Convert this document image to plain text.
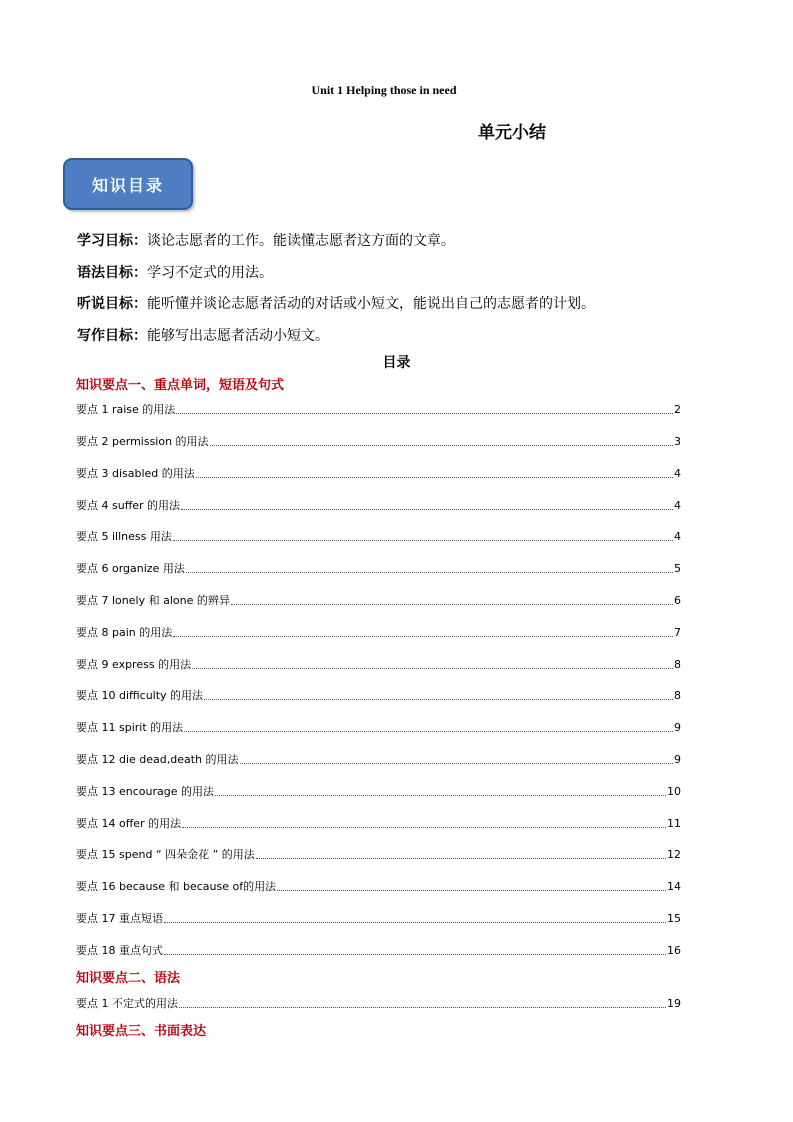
Unit 1 Helping those in need
单元小结
知识目录
学习目标：谈论志愿者的工作。能读懂志愿者这方面的文章。
语法目标：学习不定式的用法。
听说目标：能听懂并谈论志愿者活动的对话或小短文，能说出自己的志愿者的计划。
写作目标：能够写出志愿者活动小短文。
目录
知识要点一、重点单词，短语及句式
要点 1 raise 的用法	2
要点 2 permission 的用法	3
要点 3 disabled 的用法	4
要点 4 suffer 的用法	4
要点 5 illness 用法	4
要点 6 organize 用法	5
要点 7 lonely 和 alone 的辨异	6
要点 8 pain 的用法	7
要点 9 express 的用法	8
要点 10 difficulty 的用法	8
要点 11 spirit 的用法	9
要点 12 die dead,death 的用法	9
要点 13 encourage 的用法	10
要点 14 offer 的用法	11
要点 15 spend “ 四朵金花 ” 的用法	12
要点 16 because 和 because of的用法	14
要点 17 重点短语	15
要点 18 重点句式	16
知识要点二、语法
要点 1 不定式的用法	19
知识要点三、书面表达
